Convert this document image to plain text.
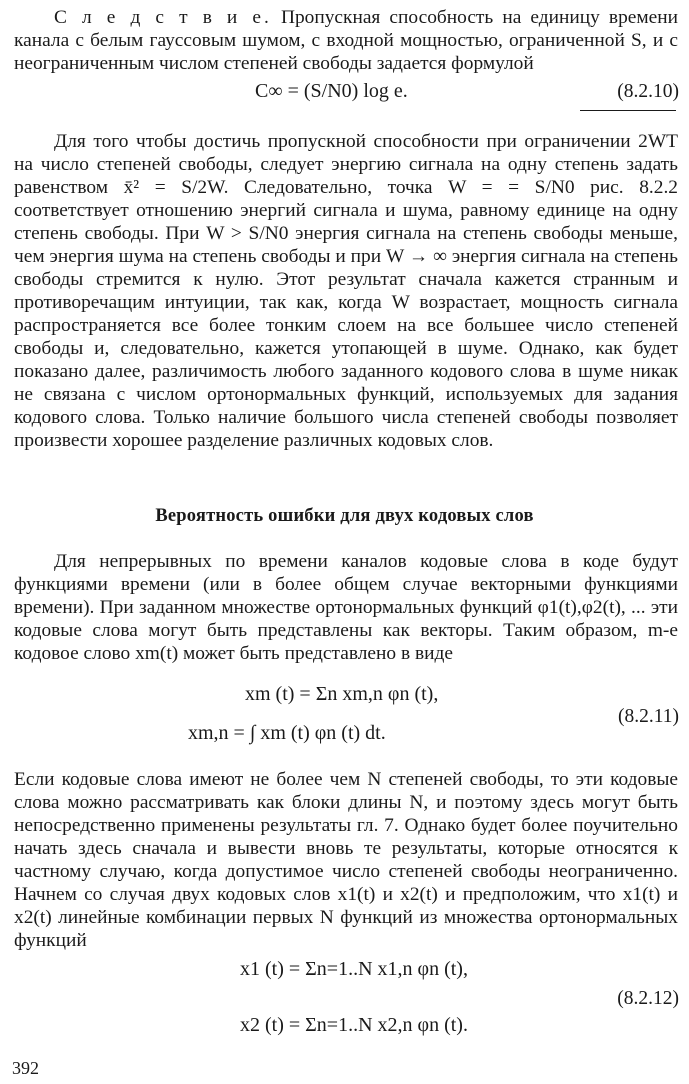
С л е д с т в и е. Пропускная способность на единицу времени канала с белым гауссовым шумом, с входной мощностью, ограниченной S, и с неограниченным числом степеней свободы задается формулой

C∞ = (S/N0) log e.	(8.2.10)

Для того чтобы достичь пропускной способности при ограничении 2WT на число степеней свободы, следует энергию сигнала на одну степень задать равенством x̄² = S/2W. Следовательно, точка W = = S/N0 рис. 8.2.2 соответствует отношению энергий сигнала и шума, равному единице на одну степень свободы. При W > S/N0 энергия сигнала на степень свободы меньше, чем энергия шума на степень свободы и при W → ∞ энергия сигнала на степень свободы стремится к нулю. Этот результат сначала кажется странным и противоречащим интуиции, так как, когда W возрастает, мощность сигнала распространяется все более тонким слоем на все большее число степеней свободы и, следовательно, кажется утопающей в шуме. Однако, как будет показано далее, различимость любого заданного кодового слова в шуме никак не связана с числом ортонормальных функций, используемых для задания кодового слова. Только наличие большого числа степеней свободы позволяет произвести хорошее разделение различных кодовых слов.

Вероятность ошибки для двух кодовых слов

Для непрерывных по времени каналов кодовые слова в коде будут функциями времени (или в более общем случае векторными функциями времени). При заданном множестве ортонормальных функций φ1(t),φ2(t), ... эти кодовые слова могут быть представлены как векторы. Таким образом, m-е кодовое слово xm(t) может быть представлено в виде

xm (t) = Σn xm,n φn (t),
xm,n = ∫ xm (t) φn (t) dt.
(8.2.11)

Если кодовые слова имеют не более чем N степеней свободы, то эти кодовые слова можно рассматривать как блоки длины N, и поэтому здесь могут быть непосредственно применены результаты гл. 7. Однако будет более поучительно начать здесь сначала и вывести вновь те результаты, которые относятся к частному случаю, когда допустимое число степеней свободы неограниченно. Начнем со случая двух кодовых слов x1(t) и x2(t) и предположим, что x1(t) и x2(t) линейные комбинации первых N функций из множества ортонормальных функций

x1 (t) = Σn=1..N x1,n φn (t),
x2 (t) = Σn=1..N x2,n φn (t).
(8.2.12)
392
